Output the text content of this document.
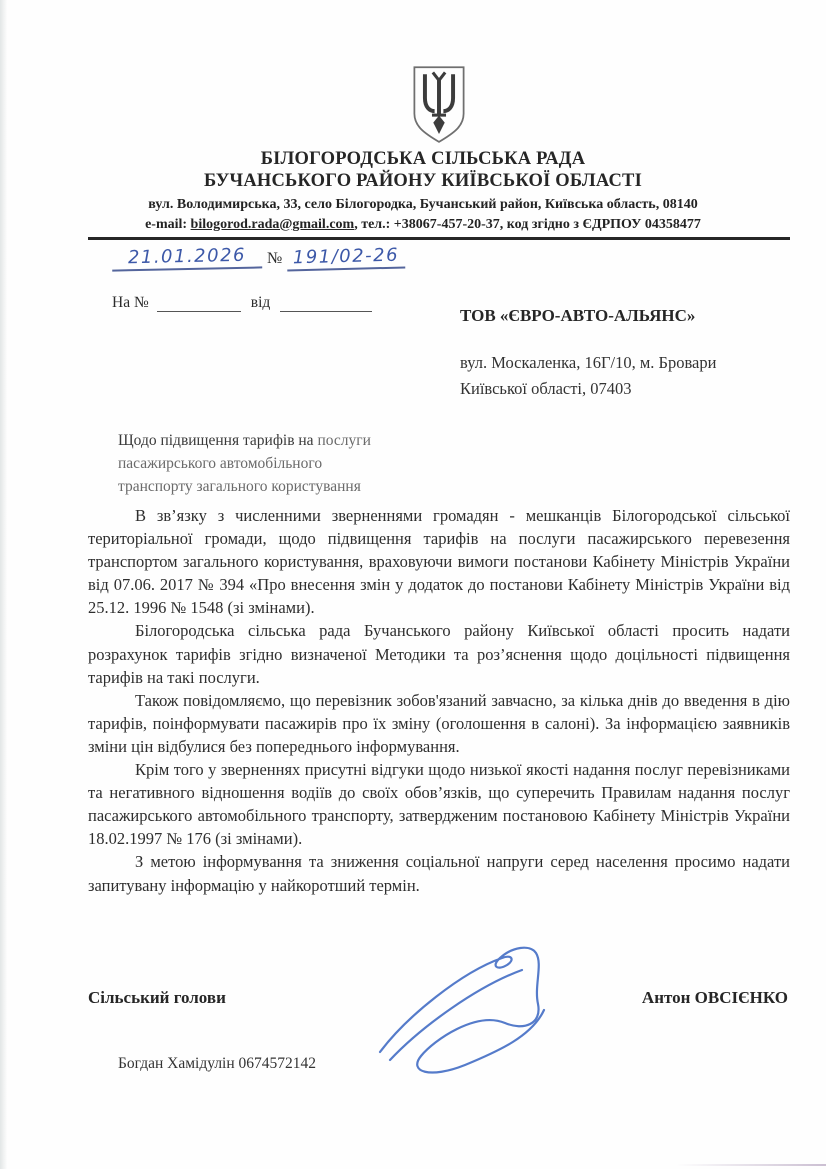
БІЛОГОРОДСЬКА СІЛЬСЬКА РАДА
БУЧАНСЬКОГО РАЙОНУ КИЇВСЬКОЇ ОБЛАСТІ
вул. Володимирська, 33, село Білогородка, Бучанський район, Київська область, 08140
e-mail: bilogorod.rada@gmail.com, тел.: +38067-457-20-37, код згідно з ЄДРПОУ 04358477
21.01.2026	№ 191/02-26
На №	від
ТОВ «ЄВРО-АВТО-АЛЬЯНС»
вул. Москаленка, 16Г/10, м. Бровари
Київської області, 07403
Щодо підвищення тарифів на послуги
пасажирського автомобільного
транспорту загального користування

В зв’язку з численними зверненнями громадян - мешканців Білогородської сільської територіальної громади, щодо підвищення тарифів на послуги пасажирського перевезення транспортом загального користування, враховуючи вимоги постанови Кабінету Міністрів України від 07.06. 2017 № 394 «Про внесення змін у додаток до постанови Кабінету Міністрів України від 25.12. 1996 № 1548 (зі змінами).

Білогородська сільська рада Бучанського району Київської області просить надати розрахунок тарифів згідно визначеної Методики та роз’яснення щодо доцільності підвищення тарифів на такі послуги.

Також повідомляємо, що перевізник зобов'язаний завчасно, за кілька днів до введення в дію тарифів, поінформувати пасажирів про їх зміну (оголошення в салоні). За інформацією заявників зміни цін відбулися без попереднього інформування.

Крім того у зверненнях присутні відгуки щодо низької якості надання послуг перевізниками та негативного відношення водіїв до своїх обов’язків, що суперечить Правилам надання послуг пасажирського автомобільного транспорту, затвердженим постановою Кабінету Міністрів України 18.02.1997 № 176 (зі змінами).

З метою інформування та зниження соціальної напруги серед населення просимо надати запитувану інформацію у найкоротший термін.

Сільський голови	Антон ОВСІЄНКО
Богдан Хамідулін 0674572142
